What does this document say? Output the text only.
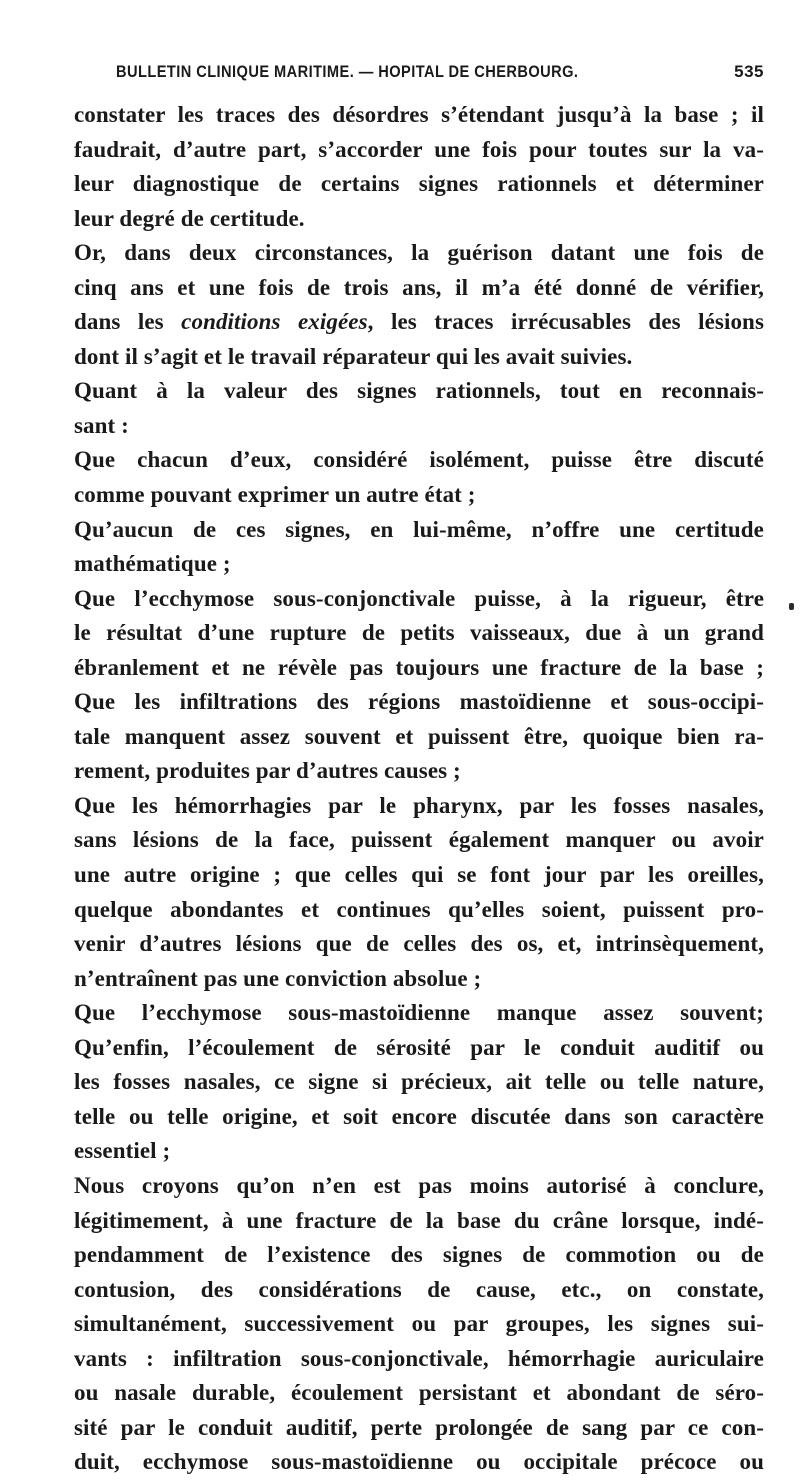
BULLETIN CLINIQUE MARITIME. — HOPITAL DE CHERBOURG.	535
constater les traces des désordres s’étendant jusqu’à la base ; il
faudrait, d’autre part, s’accorder une fois pour toutes sur la va-
leur diagnostique de certains signes rationnels et déterminer
leur degré de certitude.
Or, dans deux circonstances, la guérison datant une fois de
cinq ans et une fois de trois ans, il m’a été donné de vérifier,
dans les conditions exigées, les traces irrécusables des lésions
dont il s’agit et le travail réparateur qui les avait suivies.
Quant à la valeur des signes rationnels, tout en reconnais-
sant :
Que chacun d’eux, considéré isolément, puisse être discuté
comme pouvant exprimer un autre état ;
Qu’aucun de ces signes, en lui-même, n’offre une certitude
mathématique ;
Que l’ecchymose sous-conjonctivale puisse, à la rigueur, être
le résultat d’une rupture de petits vaisseaux, due à un grand
ébranlement et ne révèle pas toujours une fracture de la base ;
Que les infiltrations des régions mastoïdienne et sous-occipi-
tale manquent assez souvent et puissent être, quoique bien ra-
rement, produites par d’autres causes ;
Que les hémorrhagies par le pharynx, par les fosses nasales,
sans lésions de la face, puissent également manquer ou avoir
une autre origine ; que celles qui se font jour par les oreilles,
quelque abondantes et continues qu’elles soient, puissent pro-
venir d’autres lésions que de celles des os, et, intrinsèquement,
n’entraînent pas une conviction absolue ;
Que l’ecchymose sous-mastoïdienne manque assez souvent;
Qu’enfin, l’écoulement de sérosité par le conduit auditif ou
les fosses nasales, ce signe si précieux, ait telle ou telle nature,
telle ou telle origine, et soit encore discutée dans son caractère
essentiel ;
Nous croyons qu’on n’en est pas moins autorisé à conclure,
légitimement, à une fracture de la base du crâne lorsque, indé-
pendamment de l’existence des signes de commotion ou de
contusion, des considérations de cause, etc., on constate,
simultanément, successivement ou par groupes, les signes sui-
vants : infiltration sous-conjonctivale, hémorrhagie auriculaire
ou nasale durable, écoulement persistant et abondant de séro-
sité par le conduit auditif, perte prolongée de sang par ce con-
duit, ecchymose sous-mastoïdienne ou occipitale précoce ou
